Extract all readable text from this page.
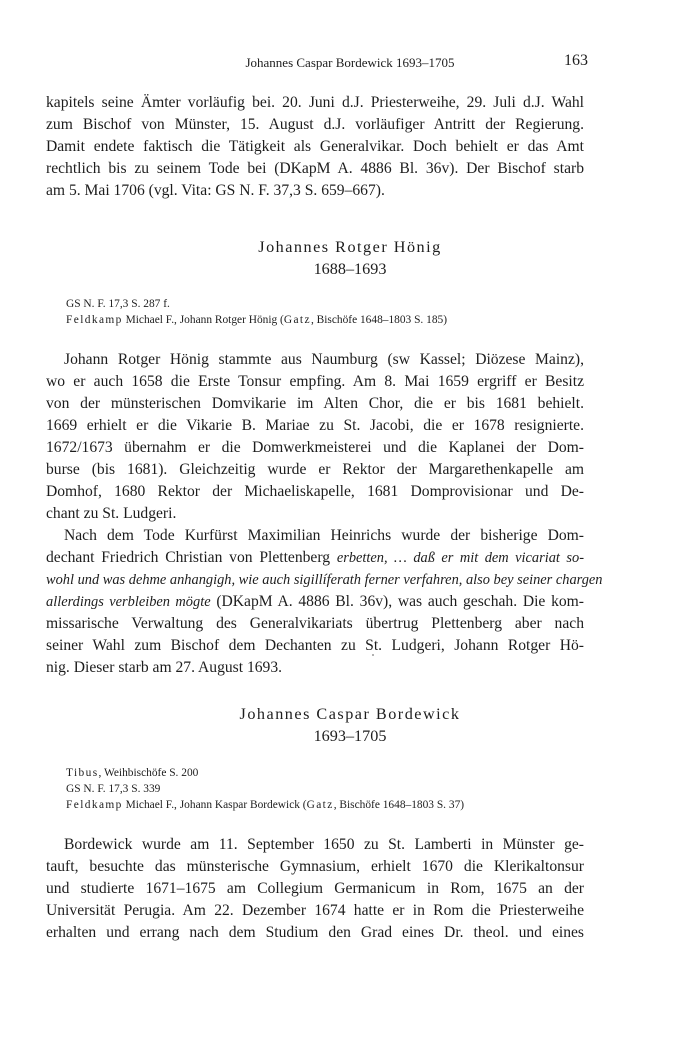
Johannes Caspar Bordewick 1693–1705	163
kapitels seine Ämter vorläufig bei. 20. Juni d.J. Priesterweihe, 29. Juli d.J. Wahl
zum Bischof von Münster, 15. August d.J. vorläufiger Antritt der Regierung.
Damit endete faktisch die Tätigkeit als Generalvikar. Doch behielt er das Amt
rechtlich bis zu seinem Tode bei (DKapM A. 4886 Bl. 36v). Der Bischof starb
am 5. Mai 1706 (vgl. Vita: GS N. F. 37,3 S. 659–667).
Johannes Rotger Hönig
1688–1693
GS N. F. 17,3 S. 287 f.
Feldkamp Michael F., Johann Rotger Hönig (Gatz, Bischöfe 1648–1803 S. 185)
Johann Rotger Hönig stammte aus Naumburg (sw Kassel; Diözese Mainz),
wo er auch 1658 die Erste Tonsur empfing. Am 8. Mai 1659 ergriff er Besitz
von der münsterischen Domvikarie im Alten Chor, die er bis 1681 behielt.
1669 erhielt er die Vikarie B. Mariae zu St. Jacobi, die er 1678 resignierte.
1672/1673 übernahm er die Domwerkmeisterei und die Kaplanei der Dom-
burse (bis 1681). Gleichzeitig wurde er Rektor der Margarethenkapelle am
Domhof, 1680 Rektor der Michaeliskapelle, 1681 Domprovisionar und De-
chant zu St. Ludgeri.
Nach dem Tode Kurfürst Maximilian Heinrichs wurde der bisherige Dom-
dechant Friedrich Christian von Plettenberg erbetten, … daß er mit dem vicariat so-
wohl und was dehme anhangigh, wie auch sigillíferath ferner verfahren, also bey seiner chargen
allerdings verbleiben mögte (DKapM A. 4886 Bl. 36v), was auch geschah. Die kom-
missarische Verwaltung des Generalvikariats übertrug Plettenberg aber nach
seiner Wahl zum Bischof dem Dechanten zu St. Ludgeri, Johann Rotger Hö-
nig. Dieser starb am 27. August 1693.
Johannes Caspar Bordewick
1693–1705
Tibus, Weihbischöfe S. 200
GS N. F. 17,3 S. 339
Feldkamp Michael F., Johann Kaspar Bordewick (Gatz, Bischöfe 1648–1803 S. 37)
Bordewick wurde am 11. September 1650 zu St. Lamberti in Münster ge-
tauft, besuchte das münsterische Gymnasium, erhielt 1670 die Klerikaltonsur
und studierte 1671–1675 am Collegium Germanicum in Rom, 1675 an der
Universität Perugia. Am 22. Dezember 1674 hatte er in Rom die Priesterweihe
erhalten und errang nach dem Studium den Grad eines Dr. theol. und eines
